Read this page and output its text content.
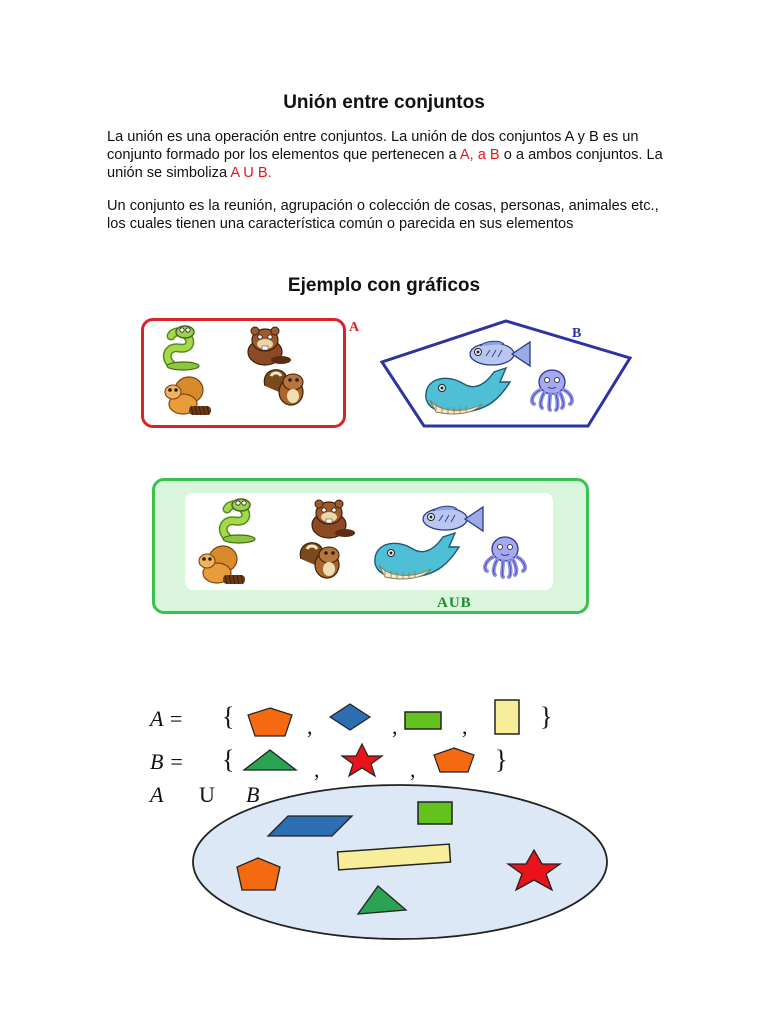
Unión entre conjuntos
La unión es una operación entre conjuntos. La unión de dos conjuntos A y B es un conjunto formado por los elementos que pertenecen a A, a B o a ambos conjuntos. La unión se simboliza A U B.
Un conjunto es la reunión, agrupación o colección de cosas, personas, animales etc., los cuales tienen una característica común o parecida en sus elementos
Ejemplo con gráficos
A	B
AUB
A = {	}
,	,	,
B = {	}
,	,
A U B
